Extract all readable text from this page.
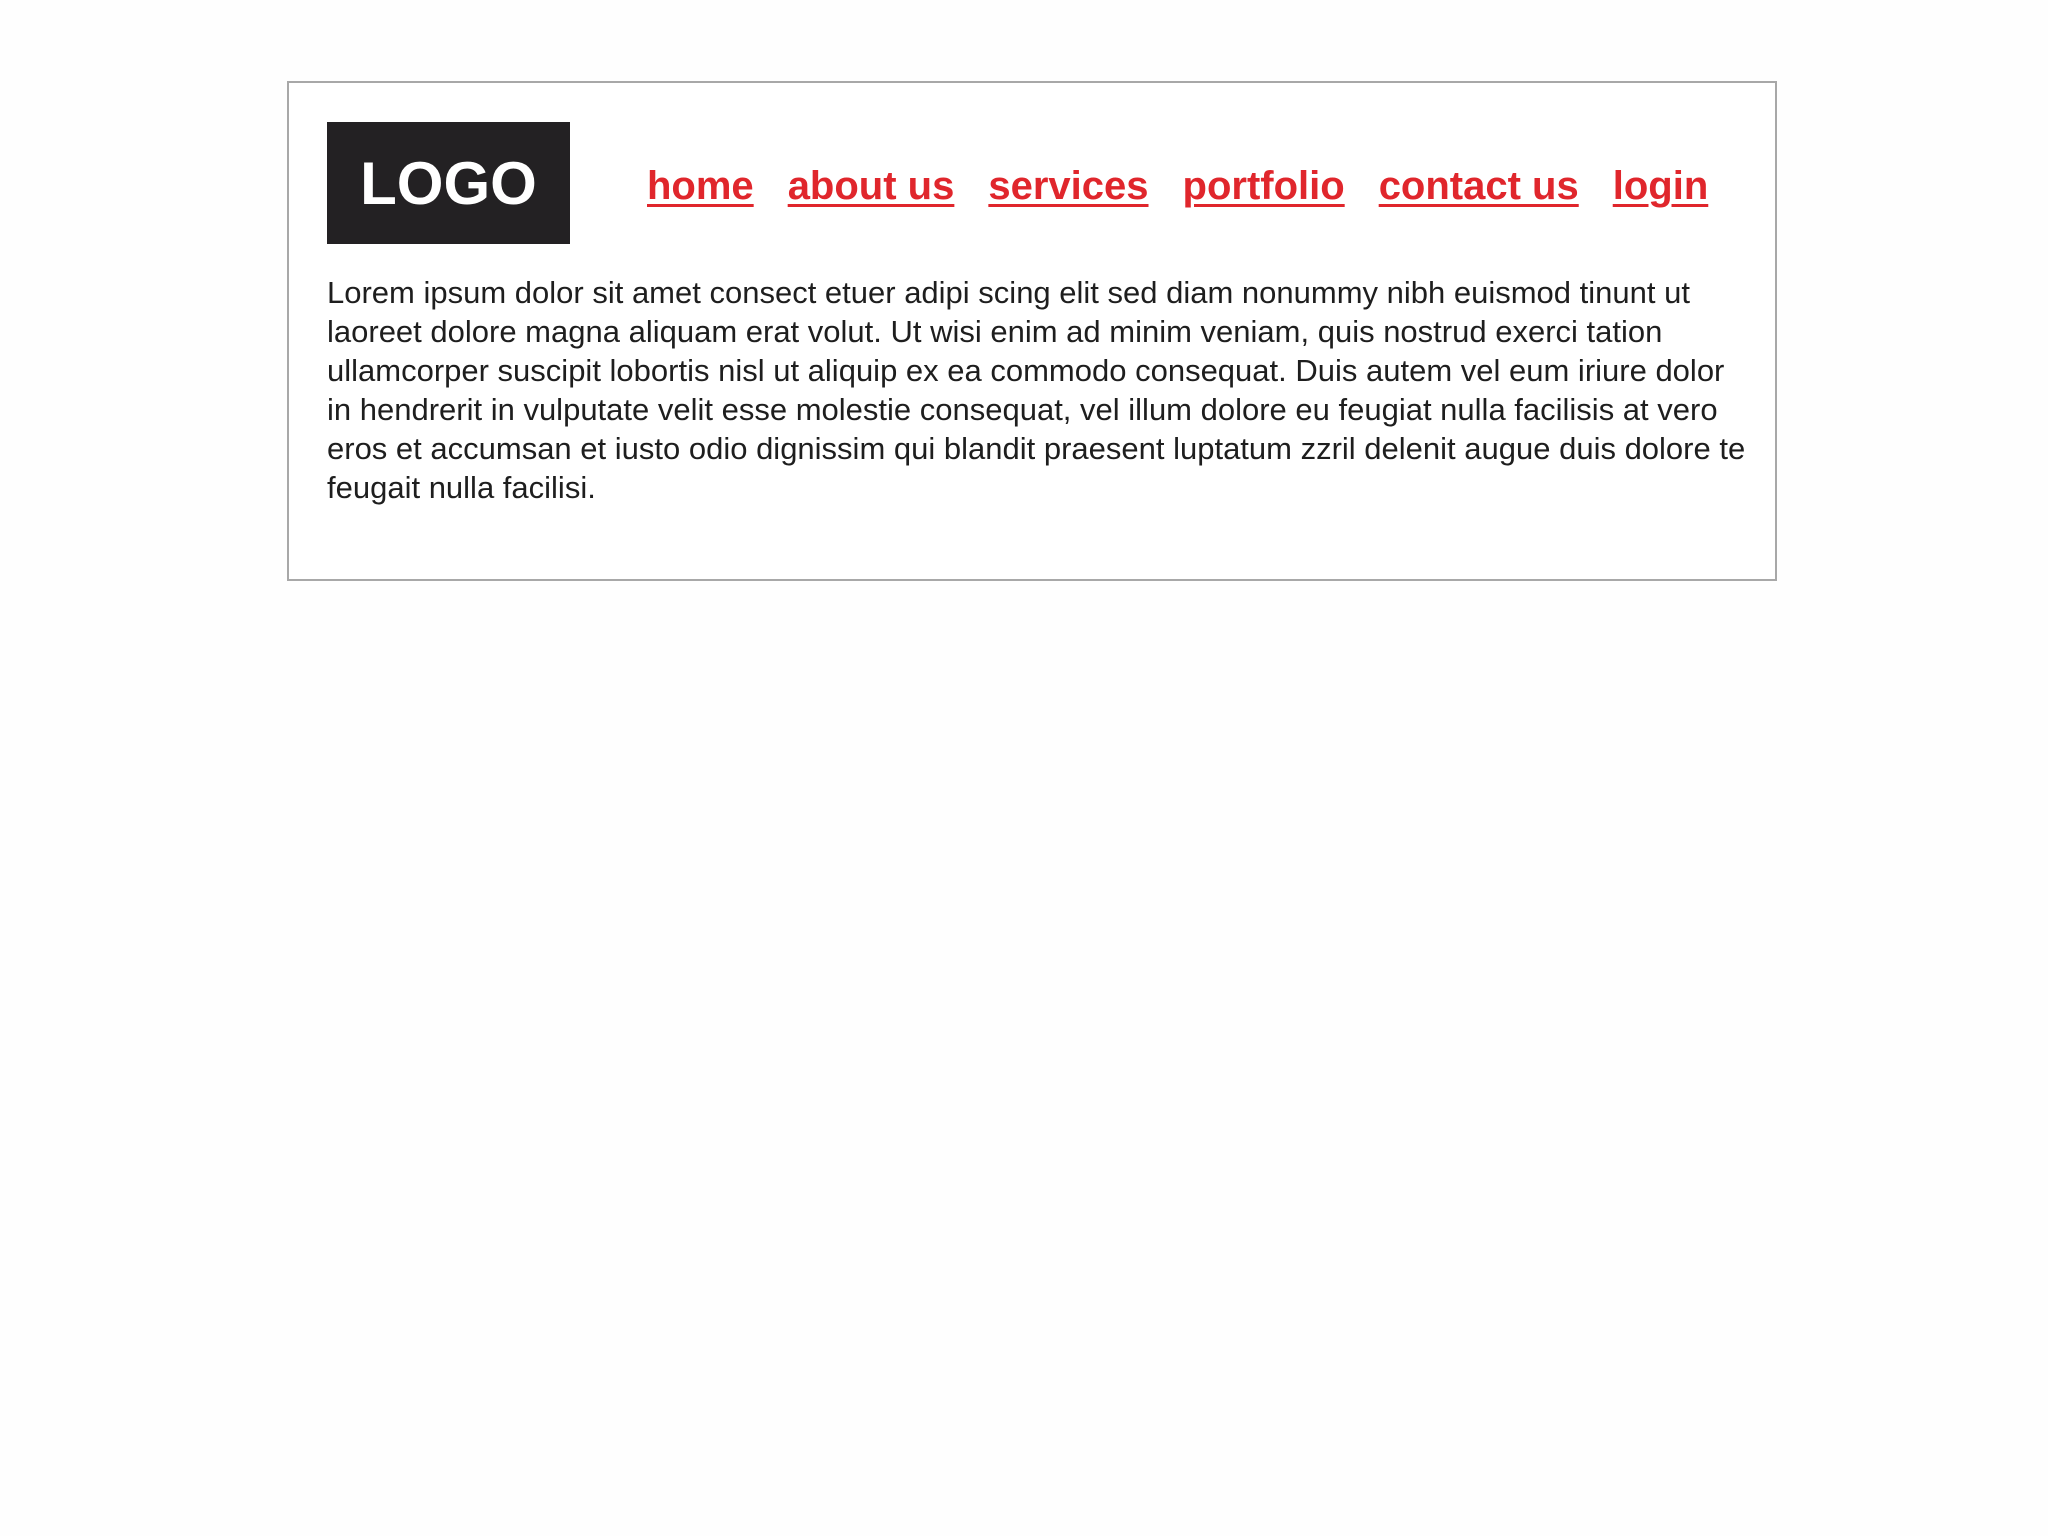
LOGO	home about us services portfolio contact us login

Lorem ipsum dolor sit amet consect etuer adipi scing elit sed diam nonummy nibh euismod tinunt ut laoreet dolore magna aliquam erat volut. Ut wisi enim ad minim veniam, quis nostrud exerci tation ullamcorper suscipit lobortis nisl ut aliquip ex ea commodo consequat. Duis autem vel eum iriure dolor in hendrerit in vulputate velit esse molestie consequat, vel illum dolore eu feugiat nulla facilisis at vero eros et accumsan et iusto odio dignissim qui blandit praesent luptatum zzril delenit augue duis dolore te feugait nulla facilisi.
